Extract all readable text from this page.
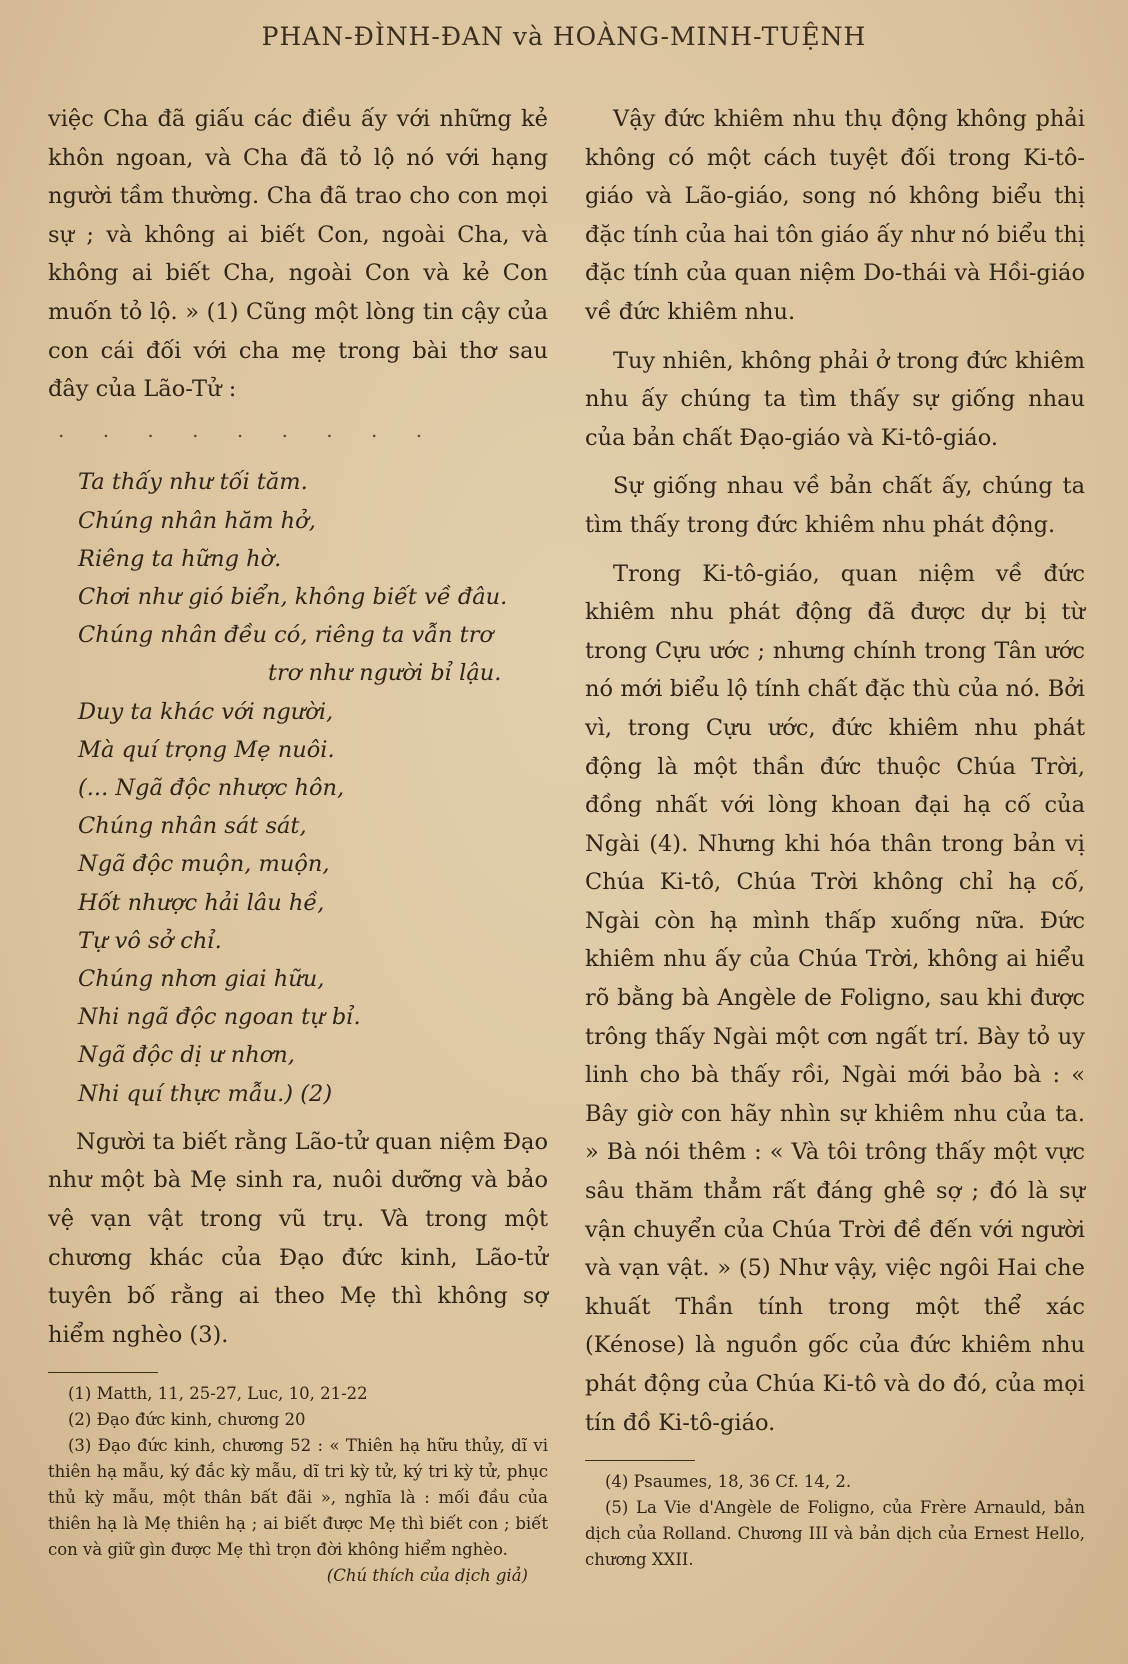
PHAN-ĐÌNH-ĐAN và HOÀNG-MINH-TUỆNH

việc Cha đã giấu các điều ấy với những kẻ khôn ngoan, và Cha đã tỏ lộ nó với hạng người tầm thường. Cha đã trao cho con mọi sự ; và không ai biết Con, ngoài Cha, và không ai biết Cha, ngoài Con và kẻ Con muốn tỏ lộ. » (1) Cũng một lòng tin cậy của con cái đối với cha mẹ trong bài thơ sau đây của Lão-Tử :

. . . . . . . . .
Ta thấy như tối tăm.
Chúng nhân hăm hở,
Riêng ta hững hờ.
Chơi như gió biển, không biết về đâu.
Chúng nhân đều có, riêng ta vẫn trơ
trơ như người bỉ lậu.
Duy ta khác với người,
Mà quí trọng Mẹ nuôi.
(... Ngã độc nhược hôn,
Chúng nhân sát sát,
Ngã độc muộn, muộn,
Hốt nhược hải lâu hề,
Tự vô sở chỉ.
Chúng nhơn giai hữu,
Nhi ngã độc ngoan tự bỉ.
Ngã độc dị ư nhơn,
Nhi quí thực mẫu.) (2)

Người ta biết rằng Lão-tử quan niệm Đạo như một bà Mẹ sinh ra, nuôi dưỡng và bảo vệ vạn vật trong vũ trụ. Và trong một chương khác của Đạo đức kinh, Lão-tử tuyên bố rằng ai theo Mẹ thì không sợ hiểm nghèo (3).

(1) Matth, 11, 25-27, Luc, 10, 21-22

(2) Đạo đức kinh, chương 20

(3) Đạo đức kinh, chương 52 : « Thiên hạ hữu thủy, dĩ vi thiên hạ mẫu, ký đắc kỳ mẫu, dĩ tri kỳ tử, ký tri kỳ tử, phục thủ kỳ mẫu, một thân bất đãi », nghĩa là : mối đầu của thiên hạ là Mẹ thiên hạ ; ai biết được Mẹ thì biết con ; biết con và giữ gìn được Mẹ thì trọn đời không hiểm nghèo.

(Chú thích của dịch giả)

Vậy đức khiêm nhu thụ động không phải không có một cách tuyệt đối trong Ki-tô-giáo và Lão-giáo, song nó không biểu thị đặc tính của hai tôn giáo ấy như nó biểu thị đặc tính của quan niệm Do-thái và Hồi-giáo về đức khiêm nhu.

Tuy nhiên, không phải ở trong đức khiêm nhu ấy chúng ta tìm thấy sự giống nhau của bản chất Đạo-giáo và Ki-tô-giáo.

Sự giống nhau về bản chất ấy, chúng ta tìm thấy trong đức khiêm nhu phát động.

Trong Ki-tô-giáo, quan niệm về đức khiêm nhu phát động đã được dự bị từ trong Cựu ước ; nhưng chính trong Tân ước nó mới biểu lộ tính chất đặc thù của nó. Bởi vì, trong Cựu ước, đức khiêm nhu phát động là một thần đức thuộc Chúa Trời, đồng nhất với lòng khoan đại hạ cố của Ngài (4). Nhưng khi hóa thân trong bản vị Chúa Ki-tô, Chúa Trời không chỉ hạ cố, Ngài còn hạ mình thấp xuống nữa. Đức khiêm nhu ấy của Chúa Trời, không ai hiểu rõ bằng bà Angèle de Foligno, sau khi được trông thấy Ngài một cơn ngất trí. Bày tỏ uy linh cho bà thấy rồi, Ngài mới bảo bà : « Bây giờ con hãy nhìn sự khiêm nhu của ta. » Bà nói thêm : « Và tôi trông thấy một vực sâu thăm thẳm rất đáng ghê sợ ; đó là sự vận chuyển của Chúa Trời đề đến với người và vạn vật. » (5) Như vậy, việc ngôi Hai che khuất Thần tính trong một thể xác (Kénose) là nguồn gốc của đức khiêm nhu phát động của Chúa Ki-tô và do đó, của mọi tín đồ Ki-tô-giáo.

(4) Psaumes, 18, 36 Cf. 14, 2.

(5) La Vie d'Angèle de Foligno, của Frère Arnauld, bản dịch của Rolland. Chương III và bản dịch của Ernest Hello, chương XXII.
